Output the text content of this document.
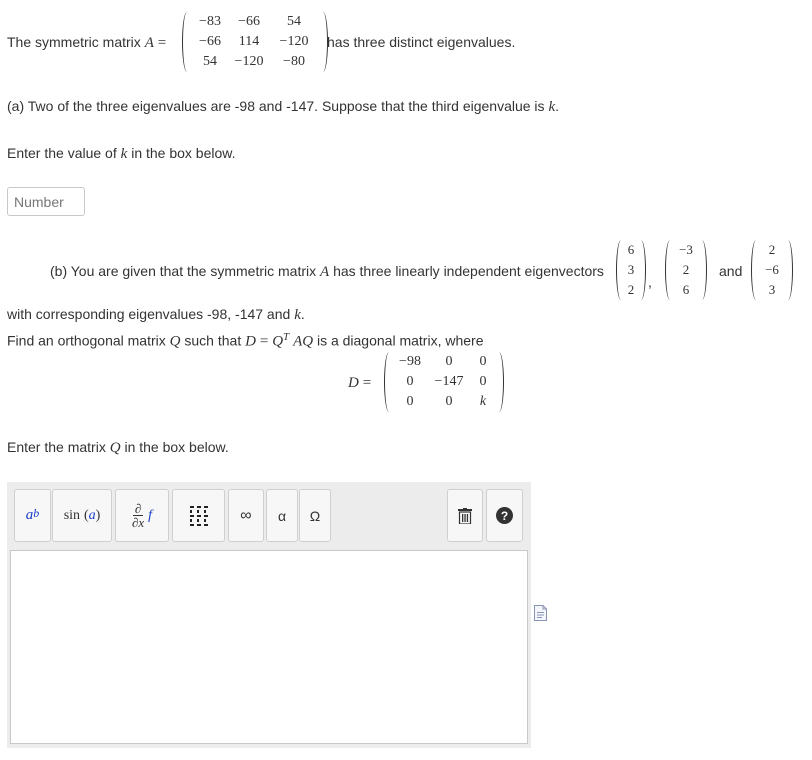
The symmetric matrix A =
−83 −66 54
−66 114 −120
54 −120 −80
has three distinct eigenvalues.
(a) Two of the three eigenvalues are -98 and -147. Suppose that the third eigenvalue is k.
Enter the value of k in the box below.
Number
(b) You are given that the symmetric matrix A has three linearly independent eigenvectors
6
3
2 ,
−3
2
6
and
2
−6
3
with corresponding eigenvalues -98, -147 and k.
Find an orthogonal matrix Q such that $D = Q^T$ AQ is a diagonal matrix, where
D =
−98 0 0
0 −147 0
0 0 k
Enter the matrix Q in the box below.
$a^b$ sin
( a )	∂
∂x f	∞ α Ω	?
